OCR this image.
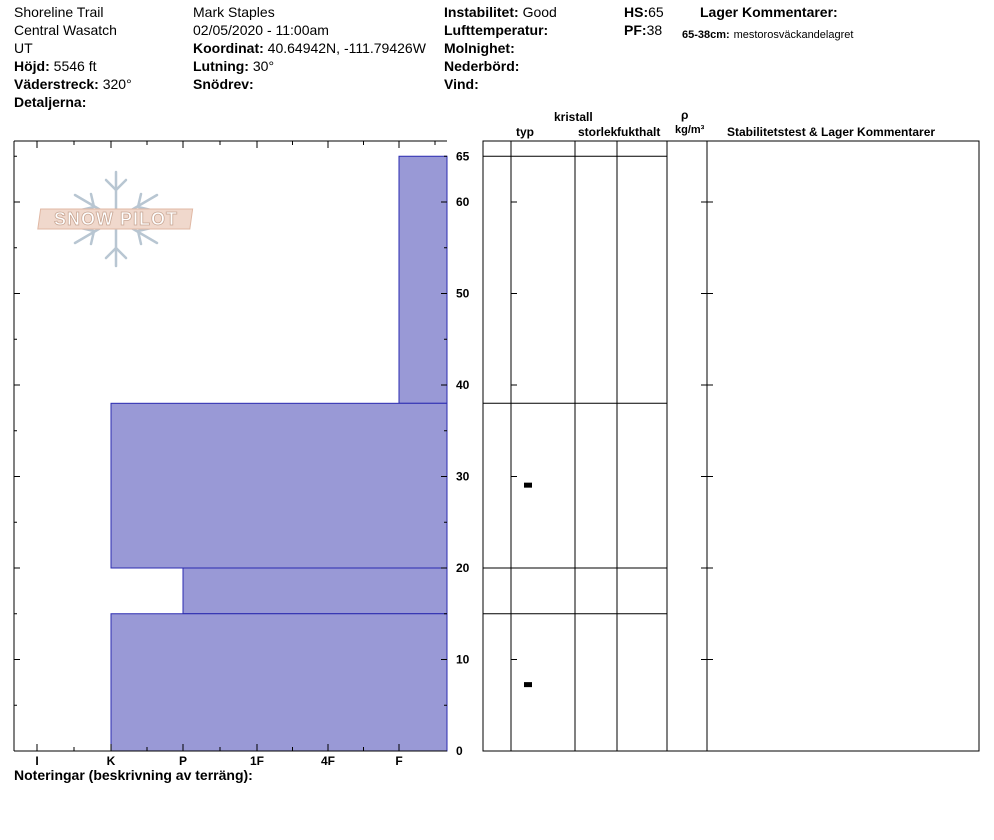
Shoreline Trail
Central Wasatch
UT
Höjd: 5546 ft
Väderstreck: 320°
Detaljerna:
Mark Staples
02/05/2020 - 11:00am
Koordinat: 40.64942N, -111.79426W
Lutning: 30°
Snödrev:
Instabilitet: Good
Lufttemperatur:
Molnighet:
Nederbörd:
Vind:
HS:65
PF:38
Lager Kommentarer:
65-38cm: mestorosväckandelagret
kristall
typ	storlek fukthalt
ρ
kg/m³ Stabilitetstest & Lager Kommentarer
Noteringar (beskrivning av terräng):
SNOW PILOT
I	K	P	1F	4F	F
0
10
20
30
40
50
60
65
